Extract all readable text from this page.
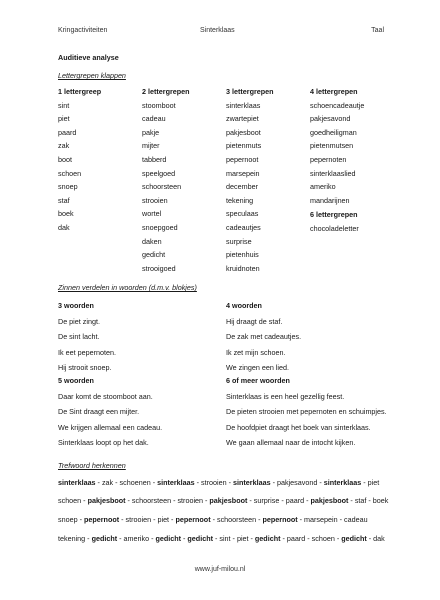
Kringactiviteiten	Sinterklaas	Taal
Auditieve analyse
Lettergrepen klappen
1 lettergreep
sint
piet
paard
zak
boot
schoen
snoep
staf
boek
dak
2 lettergrepen
stoomboot
cadeau
pakje
mijter
tabberd
speelgoed
schoorsteen
strooien
wortel
snoepgoed
daken
gedicht
strooigoed
3 lettergrepen
sinterklaas
zwartepiet
pakjesboot
pietenmuts
pepernoot
marsepein
december
tekening
speculaas
cadeautjes
surprise
pietenhuis
kruidnoten
4 lettergrepen
schoencadeautje
pakjesavond
goedheiligman
pietenmutsen
pepernoten
sinterklaaslied
ameriko
mandarijnen
6 lettergrepen
chocoladeletter
Zinnen verdelen in woorden (d.m.v. blokjes)
3 woorden
De piet zingt.
De sint lacht.
Ik eet pepernoten.
Hij strooit snoep.
4 woorden
Hij draagt de staf.
De zak met cadeautjes.
Ik zet mijn schoen.
We zingen een lied.
5 woorden
Daar komt de stoomboot aan.
De Sint draagt een mijter.
We krijgen allemaal een cadeau.
Sinterklaas loopt op het dak.
6 of meer woorden
Sinterklaas is een heel gezellig feest.
De pieten strooien met pepernoten en schuimpjes.
De hoofdpiet draagt het boek van sinterklaas.
We gaan allemaal naar de intocht kijken.
Trefwoord herkennen
sinterklaas - zak - schoenen - sinterklaas - strooien - sinterklaas - pakjesavond - sinterklaas - piet
schoen - pakjesboot - schoorsteen - strooien - pakjesboot - surprise - paard - pakjesboot - staf - boek
snoep - pepernoot - strooien - piet - pepernoot - schoorsteen - pepernoot - marsepein - cadeau
tekening - gedicht - ameriko - gedicht - gedicht - sint - piet - gedicht - paard - schoen - gedicht - dak
www.juf-milou.nl
